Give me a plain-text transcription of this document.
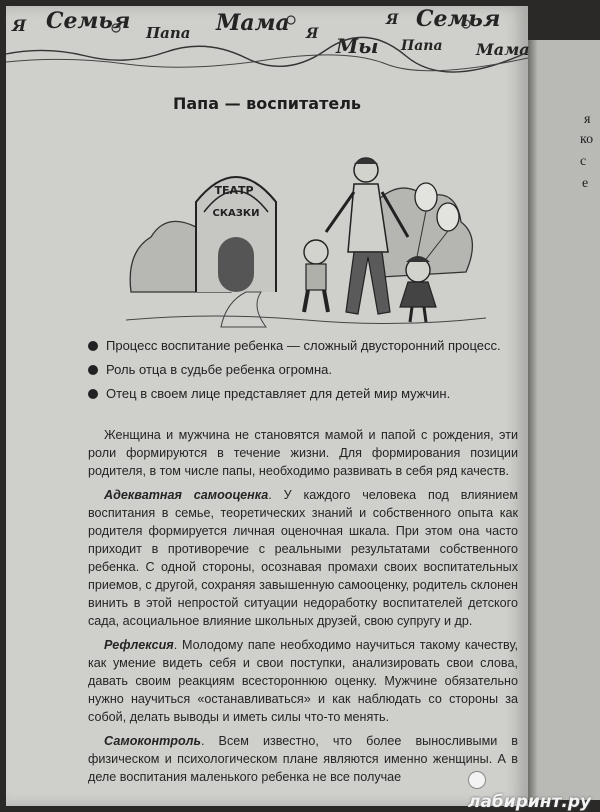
я
ко
с
е
Я Семья Папа Мама Я Мы
Я Семья
Папа Мама
Папа — воспитатель
ТЕАТР
СКАЗКИ
Процесс воспитание ребенка — сложный двусторонний процесс.
Роль отца в судьбе ребенка огромна.
Отец в своем лице представляет для детей мир мужчин.

Женщина и мужчина не становятся мамой и папой с рождения, эти роли формируются в течение жизни. Для формирования позиции родителя, в том числе папы, необходимо развивать в себя ряд качеств.

Адекватная самооценка. У каждого человека под влиянием воспитания в семье, теоретических знаний и собственного опыта как родителя формируется личная оценочная шкала. При этом она часто приходит в противоречие с реальными результатами собственного ребенка. С одной стороны, осознавая промахи своих воспитательных приемов, с другой, сохраняя завышенную самооценку, родитель склонен винить в этой непростой ситуации недоработку воспитателей детского сада, асоциальное влияние школьных друзей, свою супругу и др.

Рефлексия. Молодому папе необходимо научиться такому качеству, как умение видеть себя и свои поступки, анализировать свои слова, давать своим реакциям всестороннюю оценку. Мужчине обязательно нужно научиться «останавливаться» и как наблюдать со стороны за собой, делать выводы и иметь силы что-то менять.

Самоконтроль. Всем известно, что более выносливыми в физическом и психологическом плане являются именно женщины. А в деле воспитания маленького ребенка не все получае

лабиринт.ру
